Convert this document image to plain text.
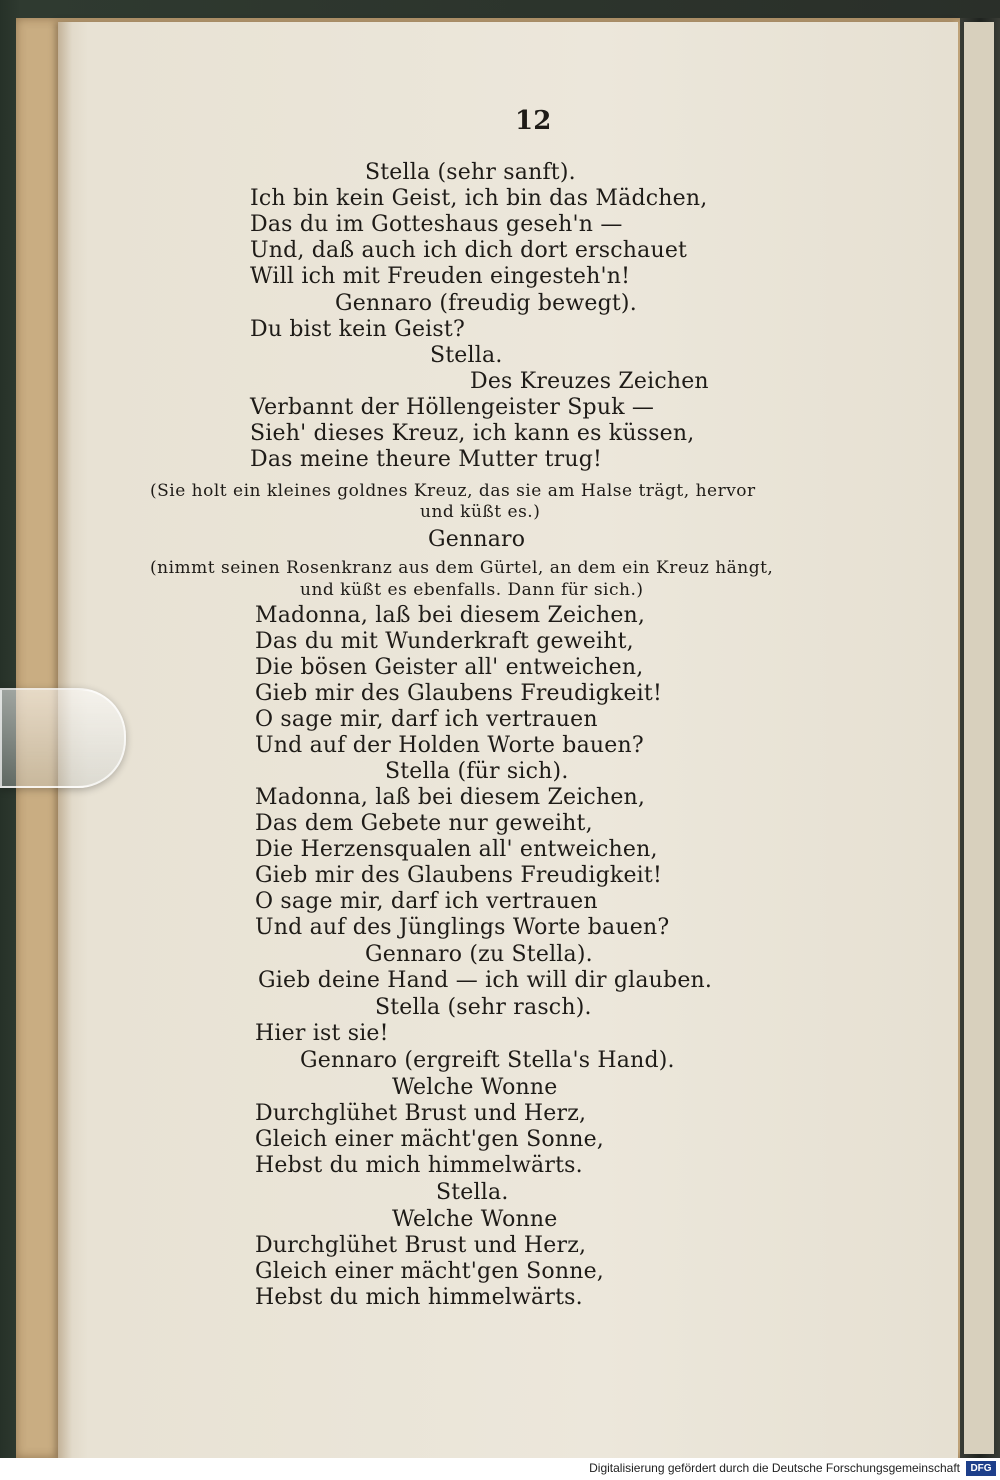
12
Stella (sehr sanft).
Ich bin kein Geist, ich bin das Mädchen,
Das du im Gotteshaus geseh'n —
Und, daß auch ich dich dort erschauet
Will ich mit Freuden eingesteh'n!
Gennaro (freudig bewegt).
Du bist kein Geist?
Stella.
Des Kreuzes Zeichen
Verbannt der Höllengeister Spuk —
Sieh' dieses Kreuz, ich kann es küssen,
Das meine theure Mutter trug!
(Sie holt ein kleines goldnes Kreuz, das sie am Halse trägt, hervor
und küßt es.)
Gennaro
(nimmt seinen Rosenkranz aus dem Gürtel, an dem ein Kreuz hängt,
und küßt es ebenfalls. Dann für sich.)
Madonna, laß bei diesem Zeichen,
Das du mit Wunderkraft geweiht,
Die bösen Geister all' entweichen,
Gieb mir des Glaubens Freudigkeit!
O sage mir, darf ich vertrauen
Und auf der Holden Worte bauen?
Stella (für sich).
Madonna, laß bei diesem Zeichen,
Das dem Gebete nur geweiht,
Die Herzensqualen all' entweichen,
Gieb mir des Glaubens Freudigkeit!
O sage mir, darf ich vertrauen
Und auf des Jünglings Worte bauen?
Gennaro (zu Stella).
Gieb deine Hand — ich will dir glauben.
Stella (sehr rasch).
Hier ist sie!
Gennaro (ergreift Stella's Hand).
Welche Wonne
Durchglühet Brust und Herz,
Gleich einer mächt'gen Sonne,
Hebst du mich himmelwärts.
Stella.
Welche Wonne
Durchglühet Brust und Herz,
Gleich einer mächt'gen Sonne,
Hebst du mich himmelwärts.
Digitalisierung gefördert durch die Deutsche Forschungsgemeinschaft	DFG
